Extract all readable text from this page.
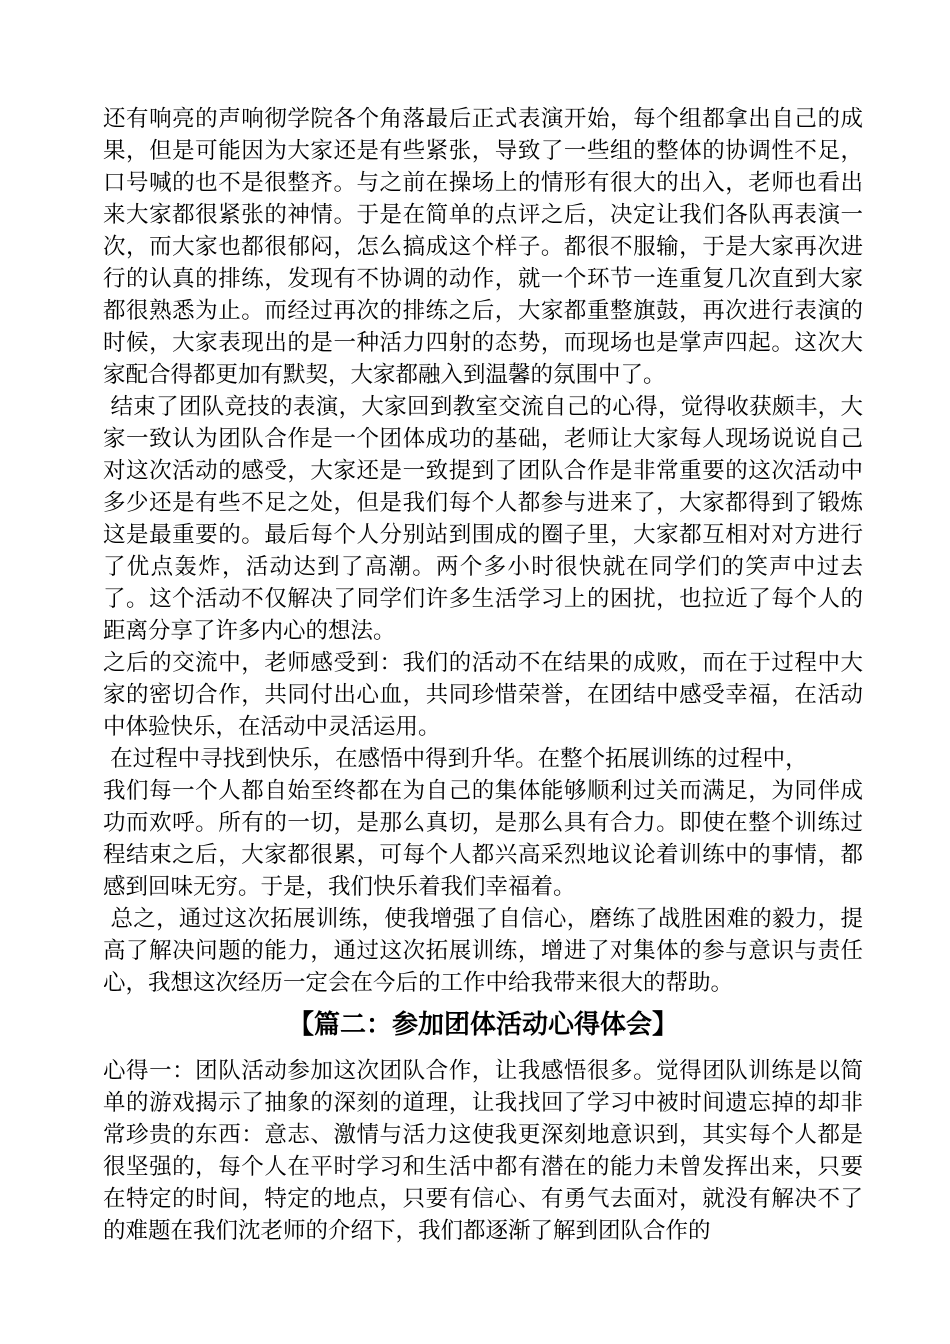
还有响亮的声响彻学院各个角落最后正式表演开始，每个组都拿出自己的成果，但是可能因为大家还是有些紧张，导致了一些组的整体的协调性不足，口号喊的也不是很整齐。与之前在操场上的情形有很大的出入，老师也看出来大家都很紧张的神情。于是在简单的点评之后，决定让我们各队再表演一次，而大家也都很郁闷，怎么搞成这个样子。都很不服输，于是大家再次进行的认真的排练，发现有不协调的动作，就一个环节一连重复几次直到大家都很熟悉为止。而经过再次的排练之后，大家都重整旗鼓，再次进行表演的时候，大家表现出的是一种活力四射的态势，而现场也是掌声四起。这次大家配合得都更加有默契，大家都融入到温馨的氛围中了。

结束了团队竞技的表演，大家回到教室交流自己的心得，觉得收获颇丰，大家一致认为团队合作是一个团体成功的基础，老师让大家每人现场说说自己对这次活动的感受，大家还是一致提到了团队合作是非常重要的这次活动中多少还是有些不足之处，但是我们每个人都参与进来了，大家都得到了锻炼这是最重要的。最后每个人分别站到围成的圈子里，大家都互相对对方进行了优点轰炸，活动达到了高潮。两个多小时很快就在同学们的笑声中过去了。这个活动不仅解决了同学们许多生活学习上的困扰，也拉近了每个人的距离分享了许多内心的想法。

之后的交流中，老师感受到：我们的活动不在结果的成败，而在于过程中大家的密切合作，共同付出心血，共同珍惜荣誉，在团结中感受幸福，在活动中体验快乐，在活动中灵活运用。

在过程中寻找到快乐，在感悟中得到升华。在整个拓展训练的过程中，
我们每一个人都自始至终都在为自己的集体能够顺利过关而满足，为同伴成功而欢呼。所有的一切，是那么真切，是那么具有合力。即使在整个训练过程结束之后，大家都很累，可每个人都兴高采烈地议论着训练中的事情，都感到回味无穷。于是，我们快乐着我们幸福着。

总之，通过这次拓展训练，使我增强了自信心，磨练了战胜困难的毅力，提高了解决问题的能力，通过这次拓展训练，增进了对集体的参与意识与责任心，我想这次经历一定会在今后的工作中给我带来很大的帮助。

【篇二：参加团体活动心得体会】

心得一：团队活动参加这次团队合作，让我感悟很多。觉得团队训练是以简单的游戏揭示了抽象的深刻的道理，让我找回了学习中被时间遗忘掉的却非常珍贵的东西：意志、激情与活力这使我更深刻地意识到，其实每个人都是很坚强的，每个人在平时学习和生活中都有潜在的能力未曾发挥出来，只要在特定的时间，特定的地点，只要有信心、有勇气去面对，就没有解决不了的难题在我们沈老师的介绍下，我们都逐渐了解到团队合作的
